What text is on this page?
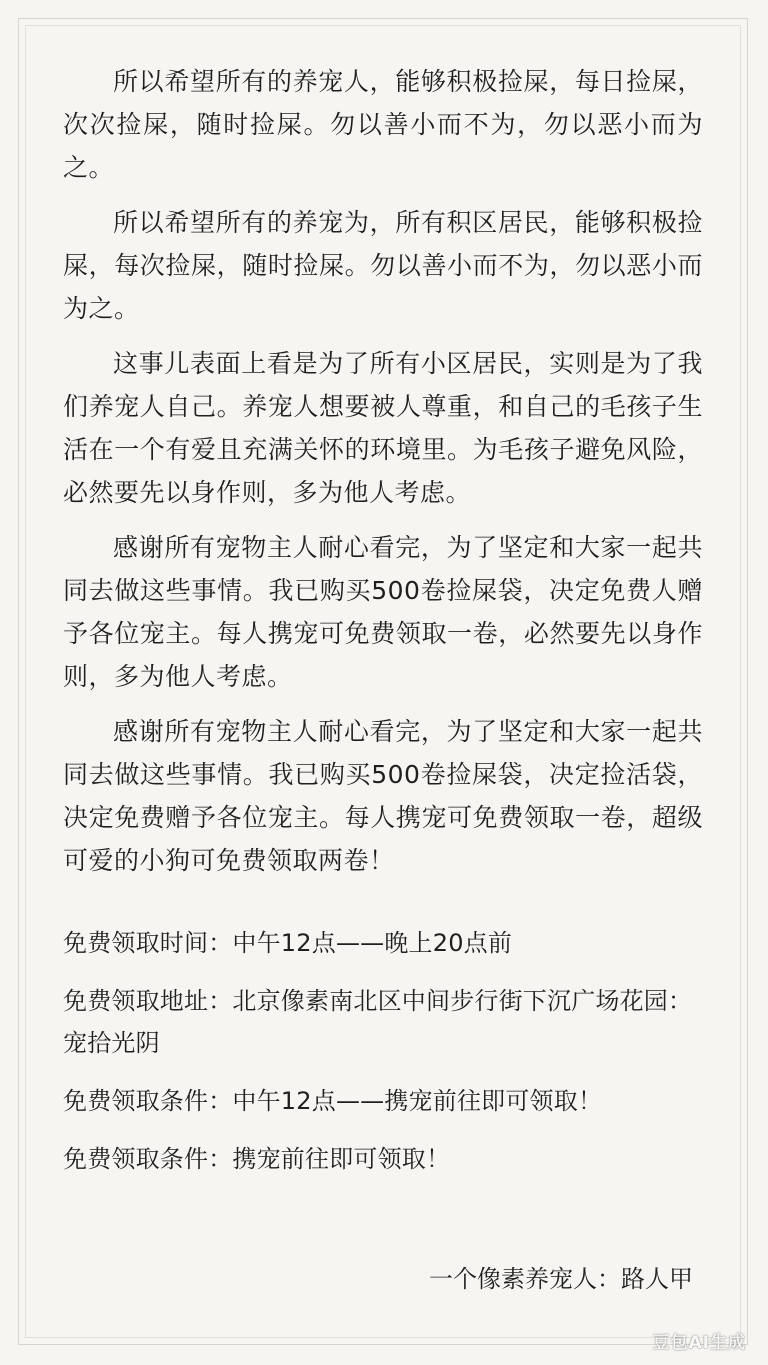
所以希望所有的养宠人，能够积极捡屎，每日捡屎，次次捡屎，随时捡屎。勿以善小而不为，勿以恶小而为之。

所以希望所有的养宠为，所有积区居民，能够积极捡屎，每次捡屎，随时捡屎。勿以善小而不为，勿以恶小而为之。

这事儿表面上看是为了所有小区居民，实则是为了我们养宠人自己。养宠人想要被人尊重，和自己的毛孩子生活在一个有爱且充满关怀的环境里。为毛孩子避免风险，必然要先以身作则，多为他人考虑。

感谢所有宠物主人耐心看完，为了坚定和大家一起共同去做这些事情。我已购买500卷捡屎袋，决定免费人赠予各位宠主。每人携宠可免费领取一卷，必然要先以身作则，多为他人考虑。

感谢所有宠物主人耐心看完，为了坚定和大家一起共同去做这些事情。我已购买500卷捡屎袋，决定捡活袋，决定免费赠予各位宠主。每人携宠可免费领取一卷，超级可爱的小狗可免费领取两卷！

免费领取时间：中午12点——晚上20点前

免费领取地址：北京像素南北区中间步行街下沉广场花园：宠拾光阴

免费领取条件：中午12点——携宠前往即可领取！

免费领取条件：携宠前往即可领取！

一个像素养宠人：路人甲
豆包AI生成
